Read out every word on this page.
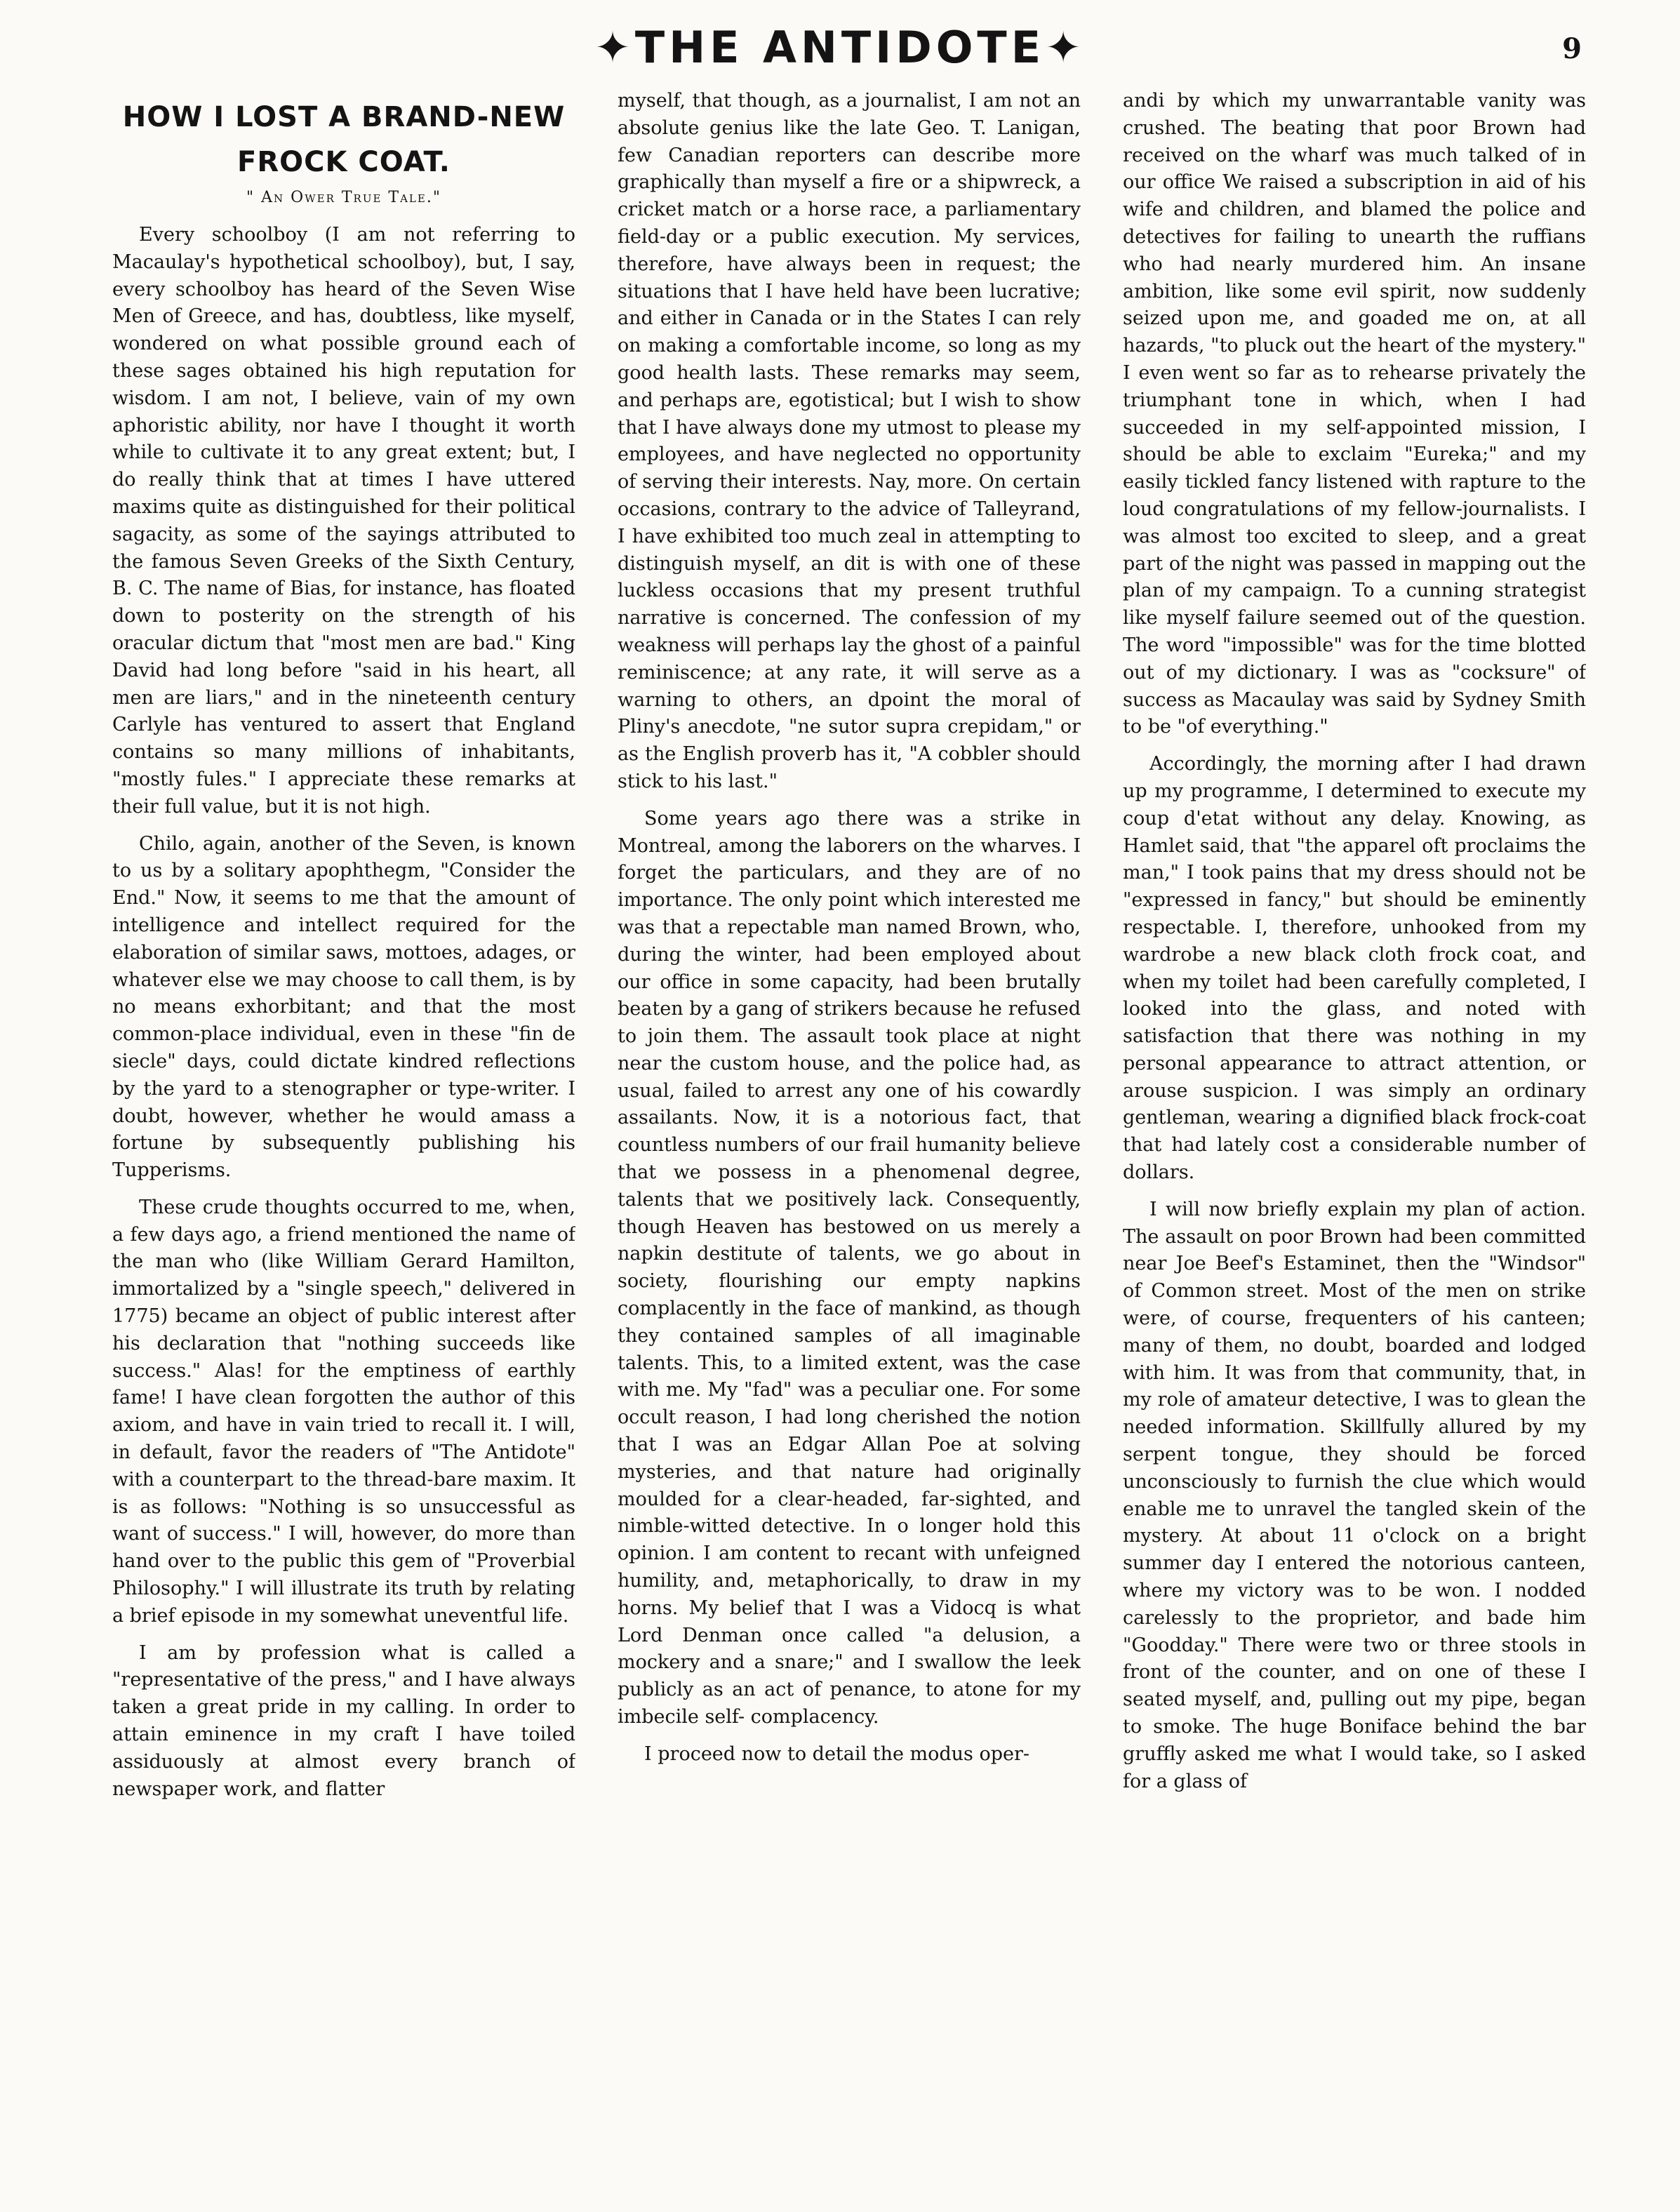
✦THE ANTIDOTE✦	9
HOW I LOST A BRAND-NEW
FROCK COAT.
" An Ower True Tale."

Every schoolboy (I am not referring to Macaulay's hypothetical schoolboy), but, I say, every schoolboy has heard of the Seven Wise Men of Greece, and has, doubtless, like myself, wondered on what possible ground each of these sages obtained his high reputation for wisdom. I am not, I believe, vain of my own aphoristic ability, nor have I thought it worth while to cultivate it to any great extent; but, I do really think that at times I have uttered maxims quite as distinguished for their political sagacity, as some of the sayings attributed to the famous Seven Greeks of the Sixth Century, B. C. The name of Bias, for instance, has floated down to posterity on the strength of his oracular dictum that "most men are bad." King David had long before "said in his heart, all men are liars," and in the nineteenth century Carlyle has ventured to assert that England contains so many millions of inhabitants, "mostly fules." I appreciate these remarks at their full value, but it is not high.

Chilo, again, another of the Seven, is known to us by a solitary apophthegm, "Consider the End." Now, it seems to me that the amount of intelligence and intellect required for the elaboration of similar saws, mottoes, adages, or whatever else we may choose to call them, is by no means exhorbitant; and that the most common-place individual, even in these "fin de siecle" days, could dictate kindred reflections by the yard to a stenographer or type-writer. I doubt, however, whether he would amass a fortune by subsequently publishing his Tupperisms.

These crude thoughts occurred to me, when, a few days ago, a friend mentioned the name of the man who (like William Gerard Hamilton, immortalized by a "single speech," delivered in 1775) became an object of public interest after his declaration that "nothing succeeds like success." Alas! for the emptiness of earthly fame! I have clean forgotten the author of this axiom, and have in vain tried to recall it. I will, in default, favor the readers of "The Antidote" with a counterpart to the thread-bare maxim. It is as follows: "Nothing is so unsuccessful as want of success." I will, however, do more than hand over to the public this gem of "Proverbial Philosophy." I will illustrate its truth by relating a brief episode in my somewhat uneventful life.

I am by profession what is called a "representative of the press," and I have always taken a great pride in my calling. In order to attain eminence in my craft I have toiled assiduously at almost every branch of newspaper work, and flatter

myself, that though, as a journalist, I am not an absolute genius like the late Geo. T. Lanigan, few Canadian reporters can describe more graphically than myself a fire or a shipwreck, a cricket match or a horse race, a parliamentary field-day or a public execution. My services, therefore, have always been in request; the situations that I have held have been lucrative; and either in Canada or in the States I can rely on making a comfortable income, so long as my good health lasts. These remarks may seem, and perhaps are, egotistical; but I wish to show that I have always done my utmost to please my employees, and have neglected no opportunity of serving their interests. Nay, more. On certain occasions, contrary to the advice of Talleyrand, I have exhibited too much zeal in attempting to distinguish myself, an dit is with one of these luckless occasions that my present truthful narrative is concerned. The confession of my weakness will perhaps lay the ghost of a painful reminiscence; at any rate, it will serve as a warning to others, an dpoint the moral of Pliny's anecdote, "ne sutor supra crepidam," or as the English proverb has it, "A cobbler should stick to his last."

Some years ago there was a strike in Montreal, among the laborers on the wharves. I forget the particulars, and they are of no importance. The only point which interested me was that a repectable man named Brown, who, during the winter, had been employed about our office in some capacity, had been brutally beaten by a gang of strikers because he refused to join them. The assault took place at night near the custom house, and the police had, as usual, failed to arrest any one of his cowardly assailants. Now, it is a notorious fact, that countless numbers of our frail humanity believe that we possess in a phenomenal degree, talents that we positively lack. Consequently, though Heaven has bestowed on us merely a napkin destitute of talents, we go about in society, flourishing our empty napkins complacently in the face of mankind, as though they contained samples of all imaginable talents. This, to a limited extent, was the case with me. My "fad" was a peculiar one. For some occult reason, I had long cherished the notion that I was an Edgar Allan Poe at solving mysteries, and that nature had originally moulded for a clear-headed, far-sighted, and nimble-witted detective. In o longer hold this opinion. I am content to recant with unfeigned humility, and, metaphorically, to draw in my horns. My belief that I was a Vidocq is what Lord Denman once called "a delusion, a mockery and a snare;" and I swallow the leek publicly as an act of penance, to atone for my imbecile self- complacency.

I proceed now to detail the modus oper-

andi by which my unwarrantable vanity was crushed. The beating that poor Brown had received on the wharf was much talked of in our office We raised a subscription in aid of his wife and children, and blamed the police and detectives for failing to unearth the ruffians who had nearly murdered him. An insane ambition, like some evil spirit, now suddenly seized upon me, and goaded me on, at all hazards, "to pluck out the heart of the mystery." I even went so far as to rehearse privately the triumphant tone in which, when I had succeeded in my self-appointed mission, I should be able to exclaim "Eureka;" and my easily tickled fancy listened with rapture to the loud congratulations of my fellow-journalists. I was almost too excited to sleep, and a great part of the night was passed in mapping out the plan of my campaign. To a cunning strategist like myself failure seemed out of the question. The word "impossible" was for the time blotted out of my dictionary. I was as "cocksure" of success as Macaulay was said by Sydney Smith to be "of everything."

Accordingly, the morning after I had drawn up my programme, I determined to execute my coup d'etat without any delay. Knowing, as Hamlet said, that "the apparel oft proclaims the man," I took pains that my dress should not be "expressed in fancy," but should be eminently respectable. I, therefore, unhooked from my wardrobe a new black cloth frock coat, and when my toilet had been carefully completed, I looked into the glass, and noted with satisfaction that there was nothing in my personal appearance to attract attention, or arouse suspicion. I was simply an ordinary gentleman, wearing a dignified black frock-coat that had lately cost a considerable number of dollars.

I will now briefly explain my plan of action. The assault on poor Brown had been committed near Joe Beef's Estaminet, then the "Windsor" of Common street. Most of the men on strike were, of course, frequenters of his canteen; many of them, no doubt, boarded and lodged with him. It was from that community, that, in my role of amateur detective, I was to glean the needed information. Skillfully allured by my serpent tongue, they should be forced unconsciously to furnish the clue which would enable me to unravel the tangled skein of the mystery. At about 11 o'clock on a bright summer day I entered the notorious canteen, where my victory was to be won. I nodded carelessly to the proprietor, and bade him "Goodday." There were two or three stools in front of the counter, and on one of these I seated myself, and, pulling out my pipe, began to smoke. The huge Boniface behind the bar gruffly asked me what I would take, so I asked for a glass of
